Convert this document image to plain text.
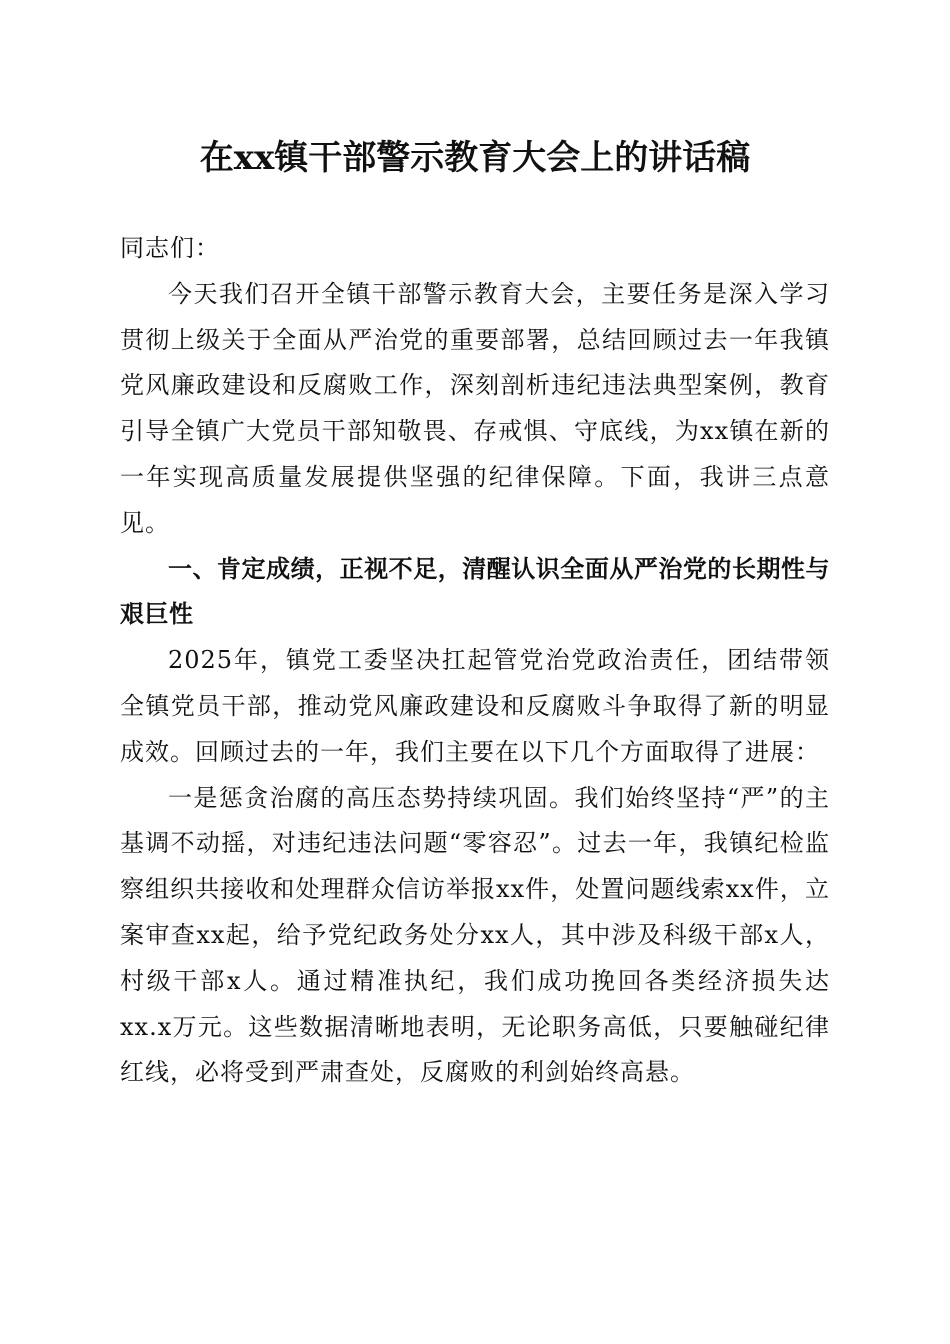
在xx镇干部警示教育大会上的讲话稿

同志们：

今天我们召开全镇干部警示教育大会，主要任务是深入学习贯彻上级关于全面从严治党的重要部署，总结回顾过去一年我镇党风廉政建设和反腐败工作，深刻剖析违纪违法典型案例，教育引导全镇广大党员干部知敬畏、存戒惧、守底线，为xx镇在新的一年实现高质量发展提供坚强的纪律保障。下面，我讲三点意见。

一、肯定成绩，正视不足，清醒认识全面从严治党的长期性与艰巨性

2025年，镇党工委坚决扛起管党治党政治责任，团结带领全镇党员干部，推动党风廉政建设和反腐败斗争取得了新的明显成效。回顾过去的一年，我们主要在以下几个方面取得了进展：

一是惩贪治腐的高压态势持续巩固。我们始终坚持“严”的主基调不动摇，对违纪违法问题“零容忍”。过去一年，我镇纪检监察组织共接收和处理群众信访举报xx件，处置问题线索xx件，立案审查xx起，给予党纪政务处分xx人，其中涉及科级干部x人，村级干部x人。通过精准执纪，我们成功挽回各类经济损失达xx.x万元。这些数据清晰地表明，无论职务高低，只要触碰纪律红线，必将受到严肃查处，反腐败的利剑始终高悬。
